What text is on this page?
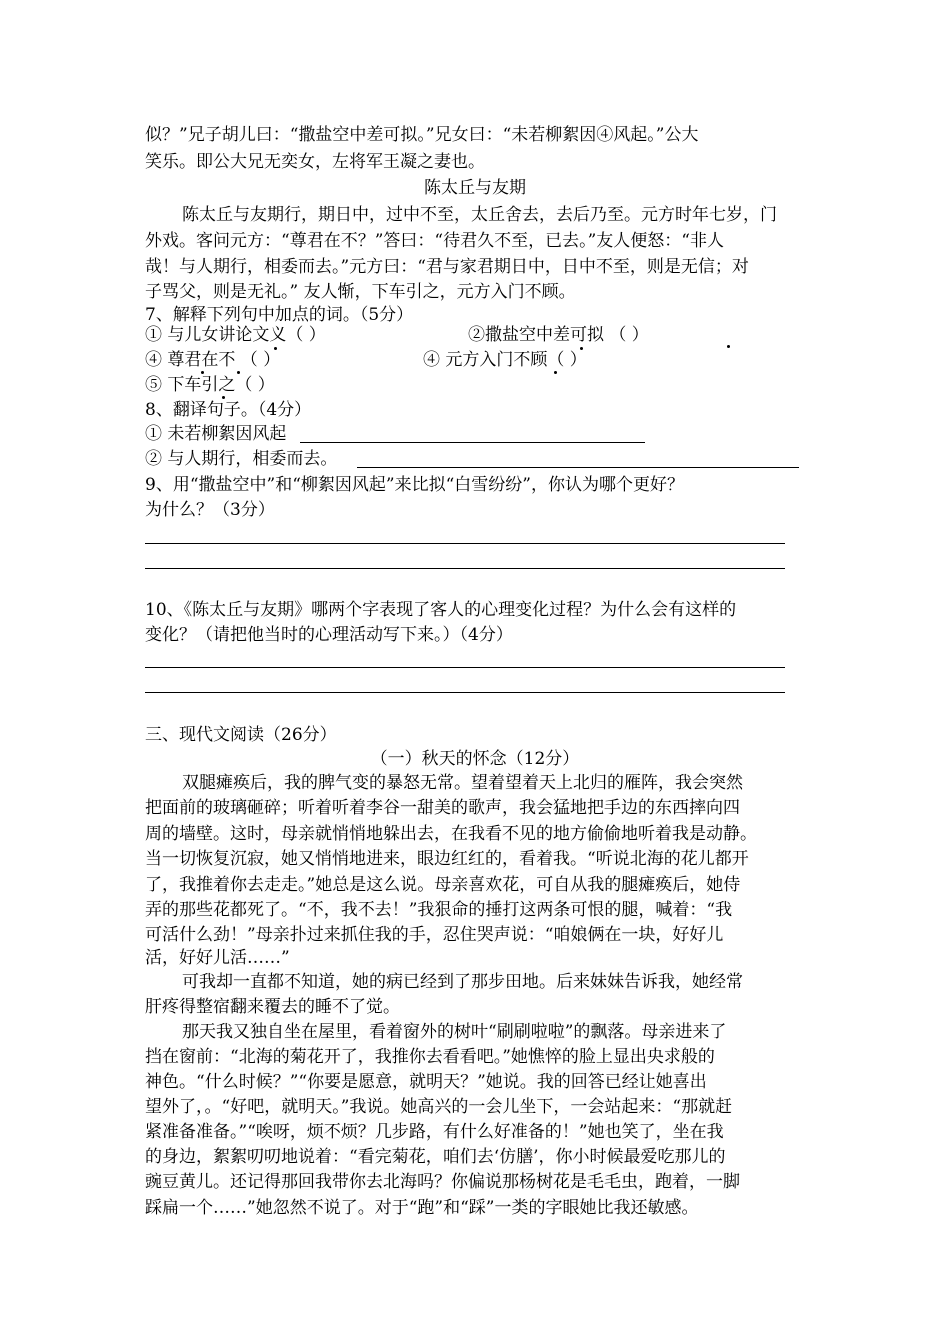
似？”兄子胡儿曰：“撒盐空中差可拟。”兄女曰：“未若柳絮因④风起。”公大
笑乐。即公大兄无奕女，左将军王凝之妻也。
陈太丘与友期
陈太丘与友期行，期日中，过中不至，太丘舍去，去后乃至。元方时年七岁，门
外戏。客问元方：“尊君在不？”答曰：“待君久不至，已去。”友人便怒：“非人
哉！与人期行，相委而去。”元方曰：“君与家君期日中，日中不至，则是无信；对
子骂父，则是无礼。” 友人惭，下车引之，元方入门不顾。
7、解释下列句中加点的词。（5分）
① 与儿女讲论文义（ ）	②撒盐空中差可拟 （ ）
④ 尊君在不 （ ）	④ 元方入门不顾（ ）
⑤ 下车引之（ ）
8、翻译句子。（4分）
① 未若柳絮因风起
② 与人期行，相委而去。
9、用“撒盐空中”和“柳絮因风起”来比拟“白雪纷纷”，你认为哪个更好？
为什么？（3分）
10、《陈太丘与友期》哪两个字表现了客人的心理变化过程？为什么会有这样的
变化？（请把他当时的心理活动写下来。）（4分）
三、现代文阅读（26分）
（一）秋天的怀念（12分）
双腿瘫痪后，我的脾气变的暴怒无常。望着望着天上北归的雁阵，我会突然
把面前的玻璃砸碎；听着听着李谷一甜美的歌声，我会猛地把手边的东西摔向四
周的墙壁。这时，母亲就悄悄地躲出去，在我看不见的地方偷偷地听着我是动静。
当一切恢复沉寂，她又悄悄地进来，眼边红红的，看着我。“听说北海的花儿都开
了，我推着你去走走。”她总是这么说。母亲喜欢花，可自从我的腿瘫痪后，她侍
弄的那些花都死了。“不，我不去！”我狠命的捶打这两条可恨的腿，喊着：“我
可活什么劲！”母亲扑过来抓住我的手，忍住哭声说：“咱娘俩在一块，好好儿
活，好好儿活……”
可我却一直都不知道，她的病已经到了那步田地。后来妹妹告诉我，她经常
肝疼得整宿翻来覆去的睡不了觉。
那天我又独自坐在屋里，看着窗外的树叶“刷刷啦啦”的飘落。母亲进来了
挡在窗前：“北海的菊花开了，我推你去看看吧。”她憔悴的脸上显出央求般的
神色。“什么时候？”“你要是愿意，就明天？”她说。我的回答已经让她喜出
望外了，。“好吧，就明天。”我说。她高兴的一会儿坐下，一会站起来：“那就赶
紧准备准备。”“唉呀，烦不烦？几步路，有什么好准备的！”她也笑了，坐在我
的身边，絮絮叨叨地说着：“看完菊花，咱们去‘仿膳’，你小时候最爱吃那儿的
豌豆黄儿。还记得那回我带你去北海吗？你偏说那杨树花是毛毛虫，跑着，一脚
踩扁一个……”她忽然不说了。对于“跑”和“踩”一类的字眼她比我还敏感。
